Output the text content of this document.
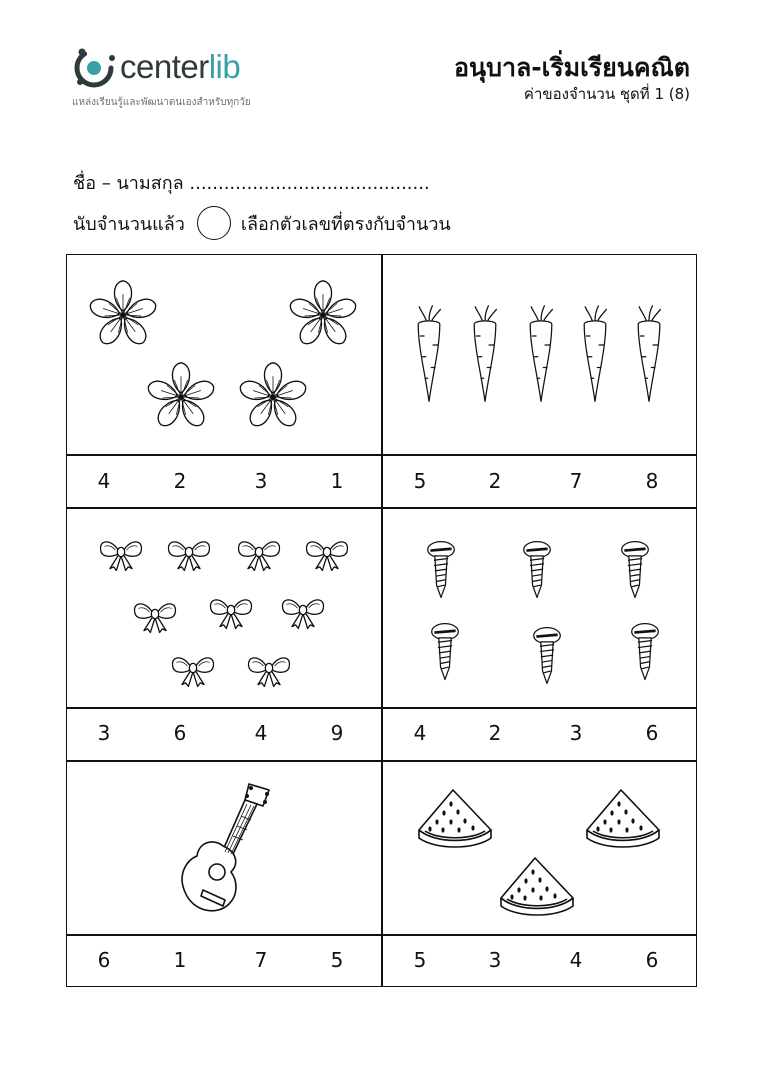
centerlib
แหล่งเรียนรู้และพัฒนาตนเองสำหรับทุกวัย
อนุบาล-เริ่มเรียนคณิต
ค่าของจำนวน ชุดที่ 1 (8)
ชื่อ – นามสกุล ..........................................
นับจำนวนแล้ว	เลือกตัวเลขที่ตรงกับจำนวน
4	2	3	1	5	2	7	8
3	6	4	9	4	2	3	6
6	1	7	5	5	3	4	6
